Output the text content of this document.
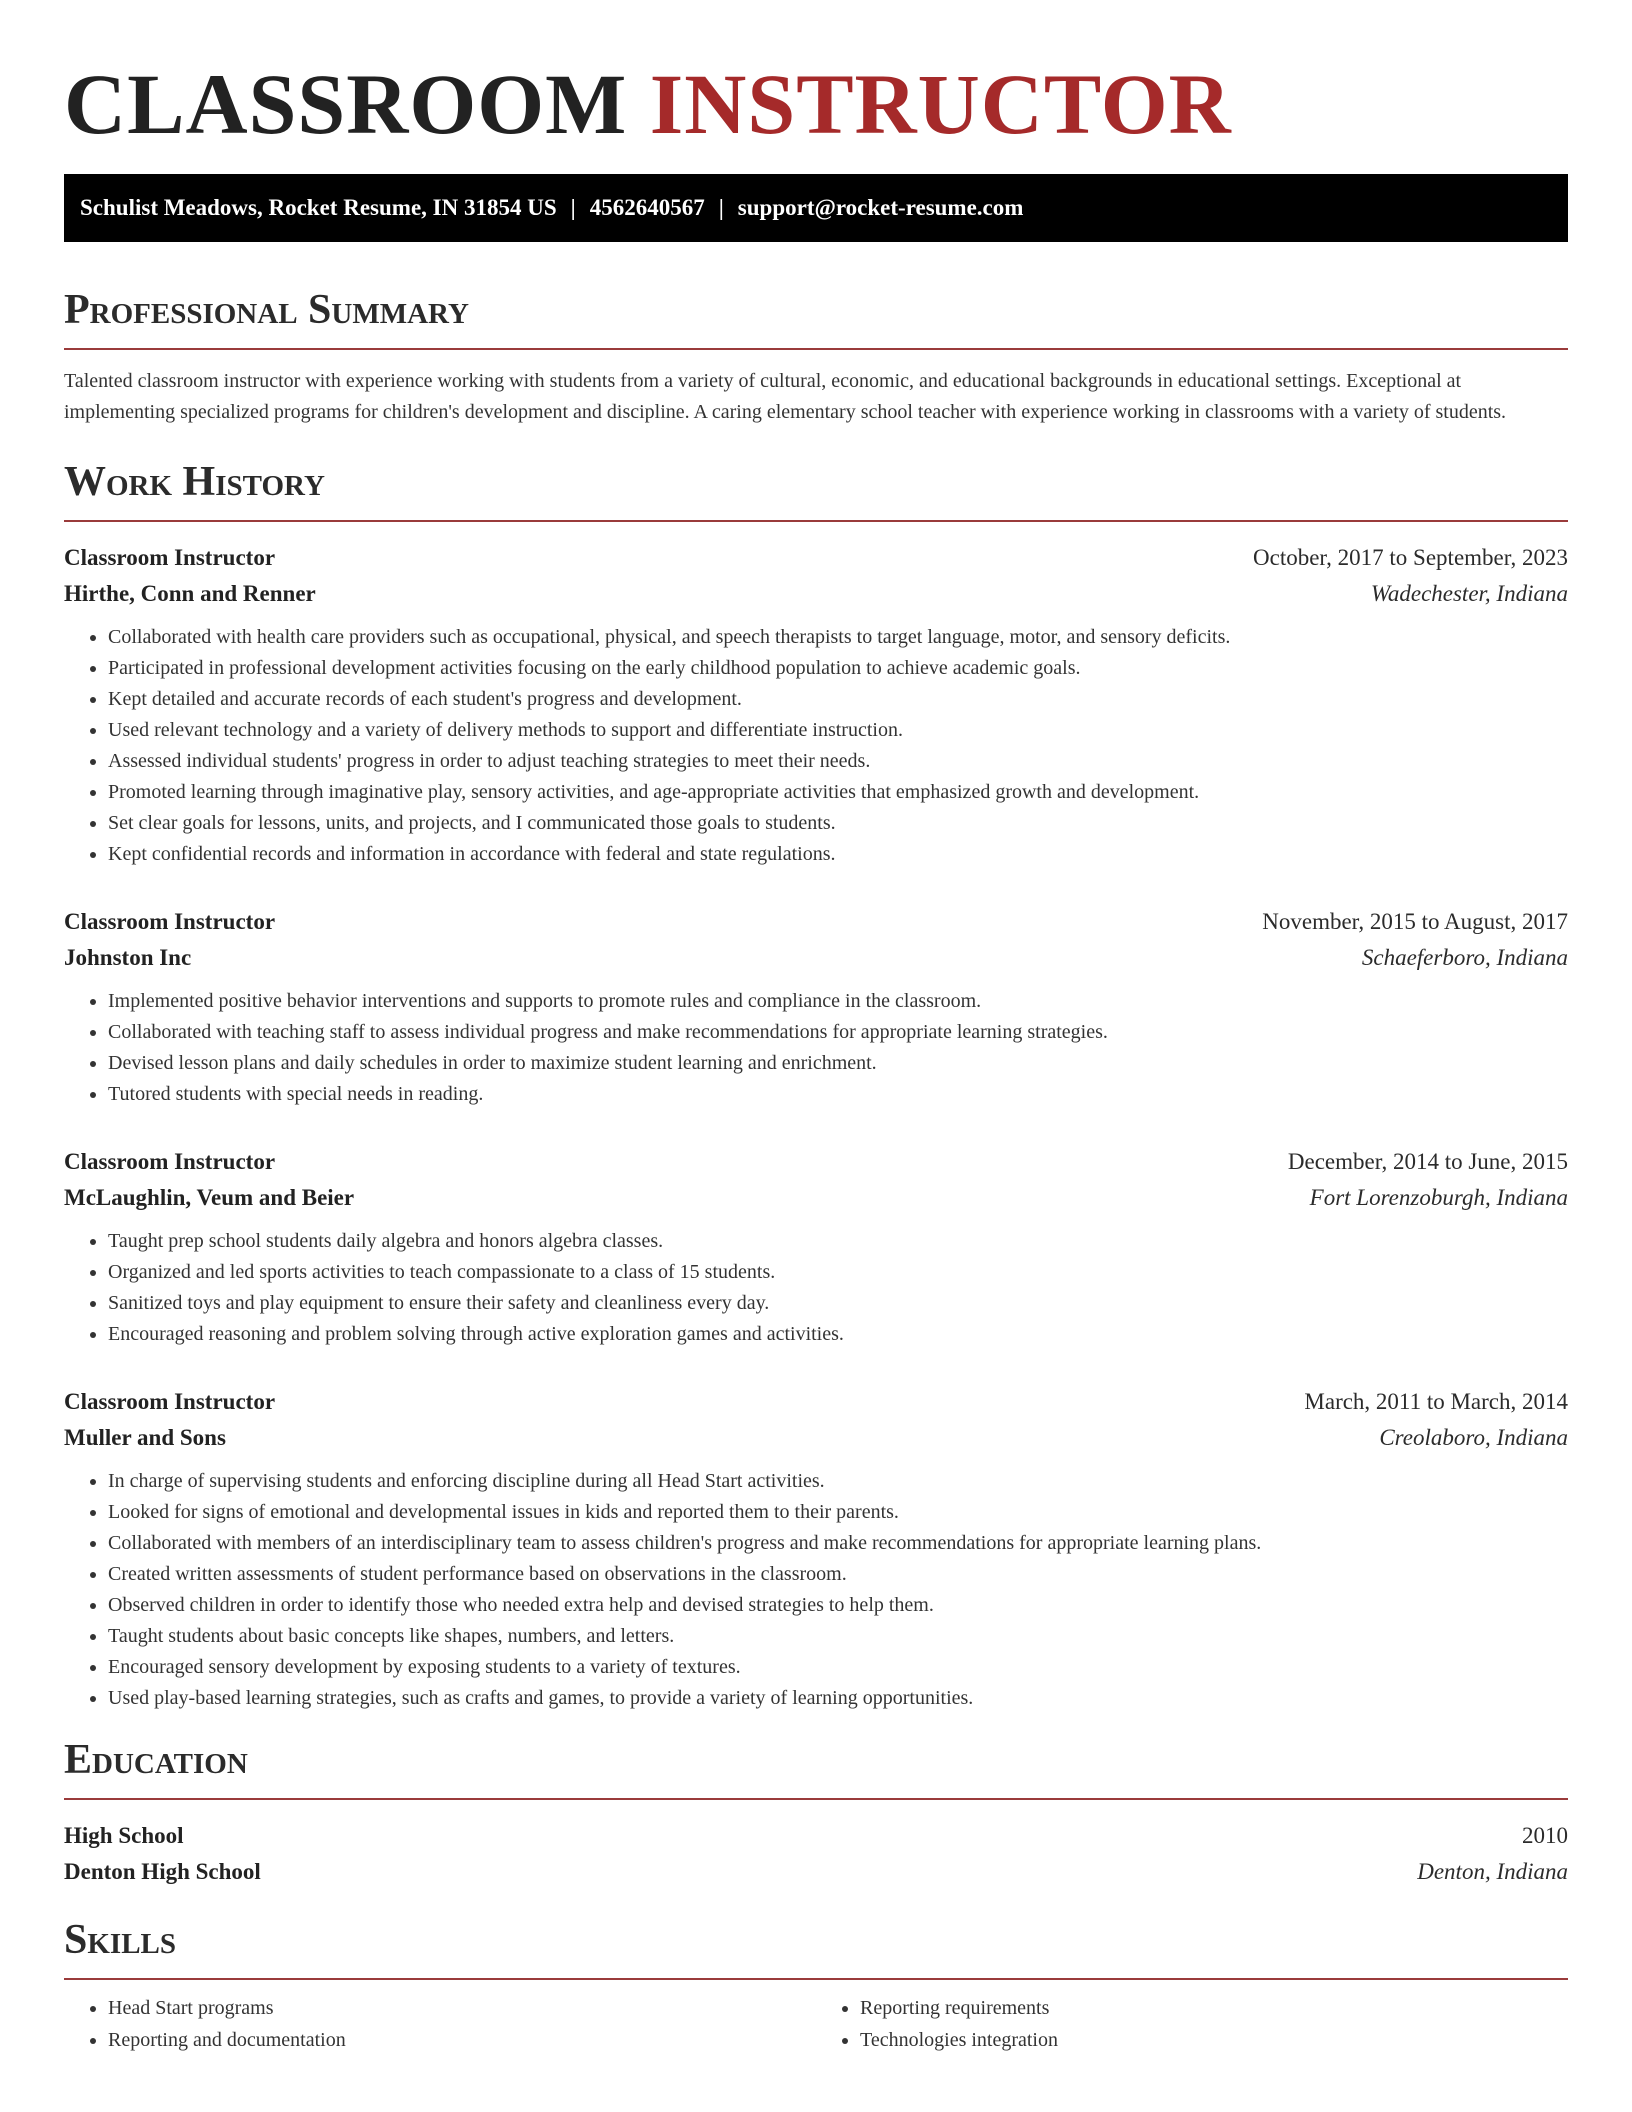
CLASSROOM INSTRUCTOR
Schulist Meadows, Rocket Resume, IN 31854 US | 4562640567 | support@rocket-resume.com
Professional Summary

Talented classroom instructor with experience working with students from a variety of cultural, economic, and educational backgrounds in educational settings. Exceptional at implementing specialized programs for children's development and discipline. A caring elementary school teacher with experience working in classrooms with a variety of students.

Work History
Classroom Instructor	October, 2017 to September, 2023
Hirthe, Conn and Renner	Wadechester, Indiana
• Collaborated with health care providers such as occupational, physical, and speech therapists to target language, motor, and sensory deficits.
• Participated in professional development activities focusing on the early childhood population to achieve academic goals.
• Kept detailed and accurate records of each student's progress and development.
• Used relevant technology and a variety of delivery methods to support and differentiate instruction.
• Assessed individual students' progress in order to adjust teaching strategies to meet their needs.
• Promoted learning through imaginative play, sensory activities, and age-appropriate activities that emphasized growth and development.
• Set clear goals for lessons, units, and projects, and I communicated those goals to students.
• Kept confidential records and information in accordance with federal and state regulations.
Classroom Instructor	November, 2015 to August, 2017
Johnston Inc	Schaeferboro, Indiana
• Implemented positive behavior interventions and supports to promote rules and compliance in the classroom.
• Collaborated with teaching staff to assess individual progress and make recommendations for appropriate learning strategies.
• Devised lesson plans and daily schedules in order to maximize student learning and enrichment.
• Tutored students with special needs in reading.
Classroom Instructor	December, 2014 to June, 2015
McLaughlin, Veum and Beier	Fort Lorenzoburgh, Indiana
• Taught prep school students daily algebra and honors algebra classes.
• Organized and led sports activities to teach compassionate to a class of 15 students.
• Sanitized toys and play equipment to ensure their safety and cleanliness every day.
• Encouraged reasoning and problem solving through active exploration games and activities.
Classroom Instructor	March, 2011 to March, 2014
Muller and Sons	Creolaboro, Indiana
• In charge of supervising students and enforcing discipline during all Head Start activities.
• Looked for signs of emotional and developmental issues in kids and reported them to their parents.
• Collaborated with members of an interdisciplinary team to assess children's progress and make recommendations for appropriate learning plans.
• Created written assessments of student performance based on observations in the classroom.
• Observed children in order to identify those who needed extra help and devised strategies to help them.
• Taught students about basic concepts like shapes, numbers, and letters.
• Encouraged sensory development by exposing students to a variety of textures.
• Used play-based learning strategies, such as crafts and games, to provide a variety of learning opportunities.
Education
High School	2010
Denton High School	Denton, Indiana
Skills
• Head Start programs
• Reporting and documentation
• Reporting requirements
• Technologies integration
